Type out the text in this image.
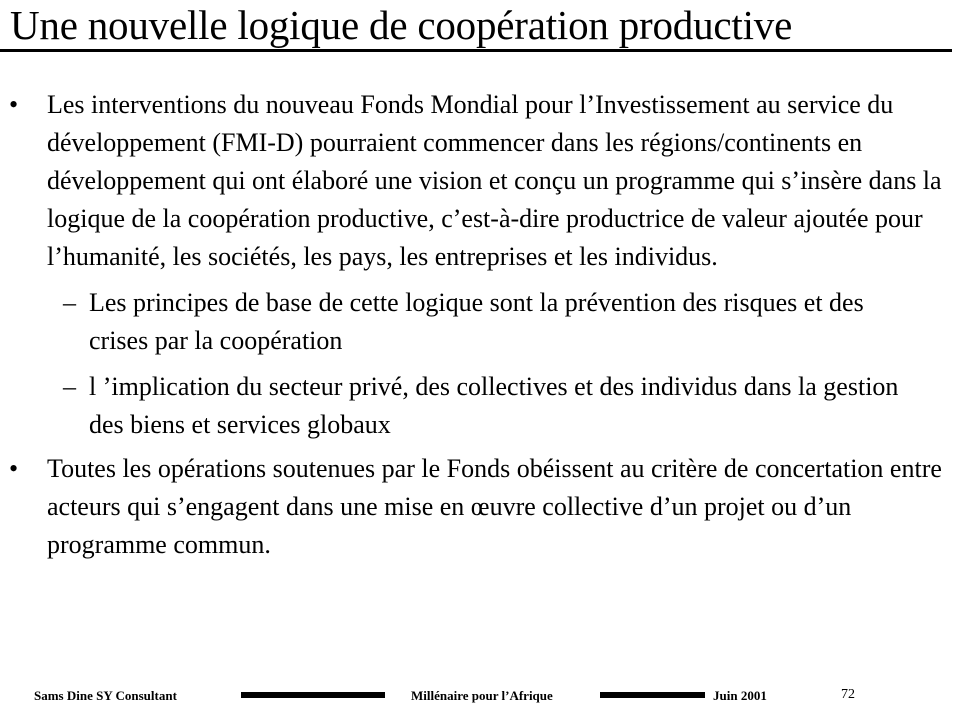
Une nouvelle logique de coopération productive
• Les interventions du nouveau Fonds Mondial pour l’Investissement au service du développement (FMI-D) pourraient commencer dans les régions/continents en développement qui ont élaboré une vision et conçu un programme qui s’insère dans la logique de la coopération productive, c’est-à-dire productrice de valeur ajoutée pour l’humanité, les sociétés, les pays, les entreprises et les individus.
– Les principes de base de cette logique sont la prévention des risques et des crises par la coopération
– l ’implication du secteur privé, des collectives et des individus dans la gestion des biens et services globaux
• Toutes les opérations soutenues par le Fonds obéissent au critère de concertation entre acteurs qui s’engagent dans une mise en œuvre collective d’un projet ou d’un programme commun.
Sams Dine SY Consultant	Millénaire pour l’Afrique	Juin 2001	72
